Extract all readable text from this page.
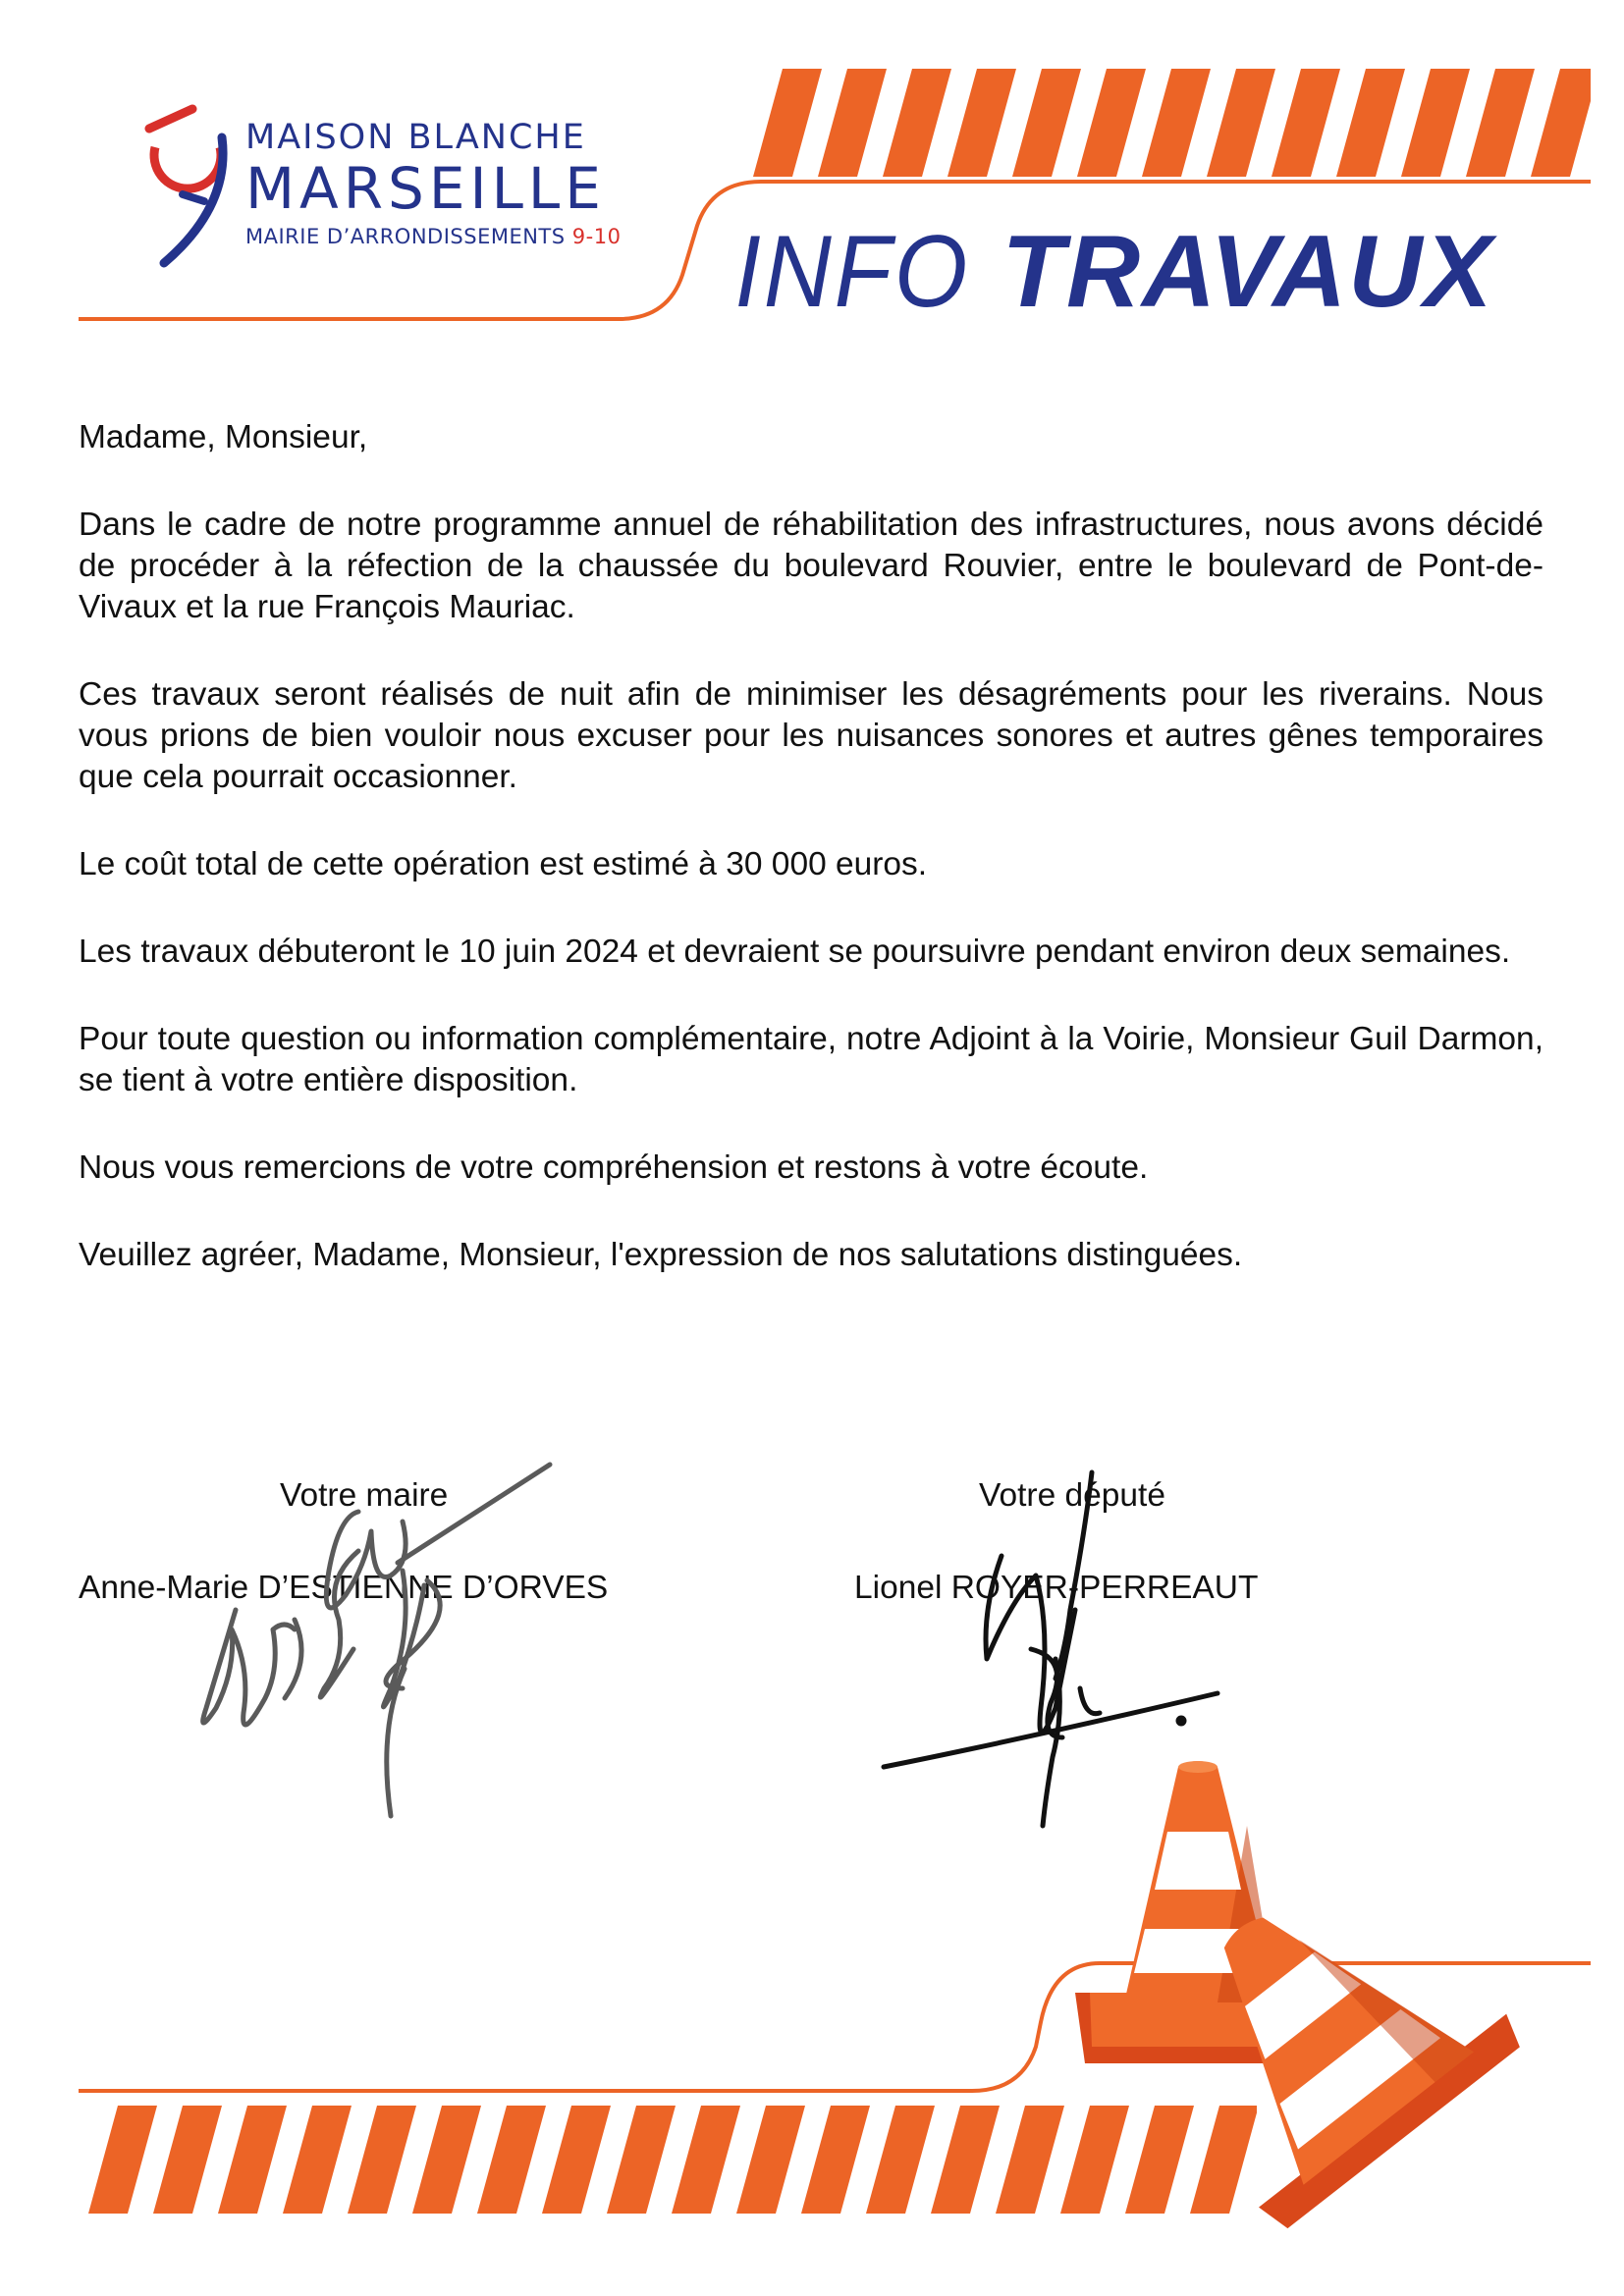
MAISON BLANCHE
MARSEILLE
MAIRIE D’ARRONDISSEMENTS 9-10 INFO TRAVAUX

Madame, Monsieur,

Dans le cadre de notre programme annuel de réhabilitation des infrastructures, nous avons décidé de procéder à la réfection de la chaussée du boulevard Rouvier, entre le boulevard de Pont-de-Vivaux et la rue François Mauriac.

Ces travaux seront réalisés de nuit afin de minimiser les désagréments pour les riverains. Nous vous prions de bien vouloir nous excuser pour les nuisances sonores et autres gênes temporaires que cela pourrait occasionner.

Le coût total de cette opération est estimé à 30 000 euros.

Les travaux débuteront le 10 juin 2024 et devraient se poursuivre pendant environ deux semaines.

Pour toute question ou information complémentaire, notre Adjoint à la Voirie, Monsieur Guil Darmon, se tient à votre entière disposition.

Nous vous remercions de votre compréhension et restons à votre écoute.

Veuillez agréer, Madame, Monsieur, l'expression de nos salutations distinguées.

Votre maire
Anne-Marie D’ESTIENNE D’ORVES
Votre député
Lionel ROYER-PERREAUT
